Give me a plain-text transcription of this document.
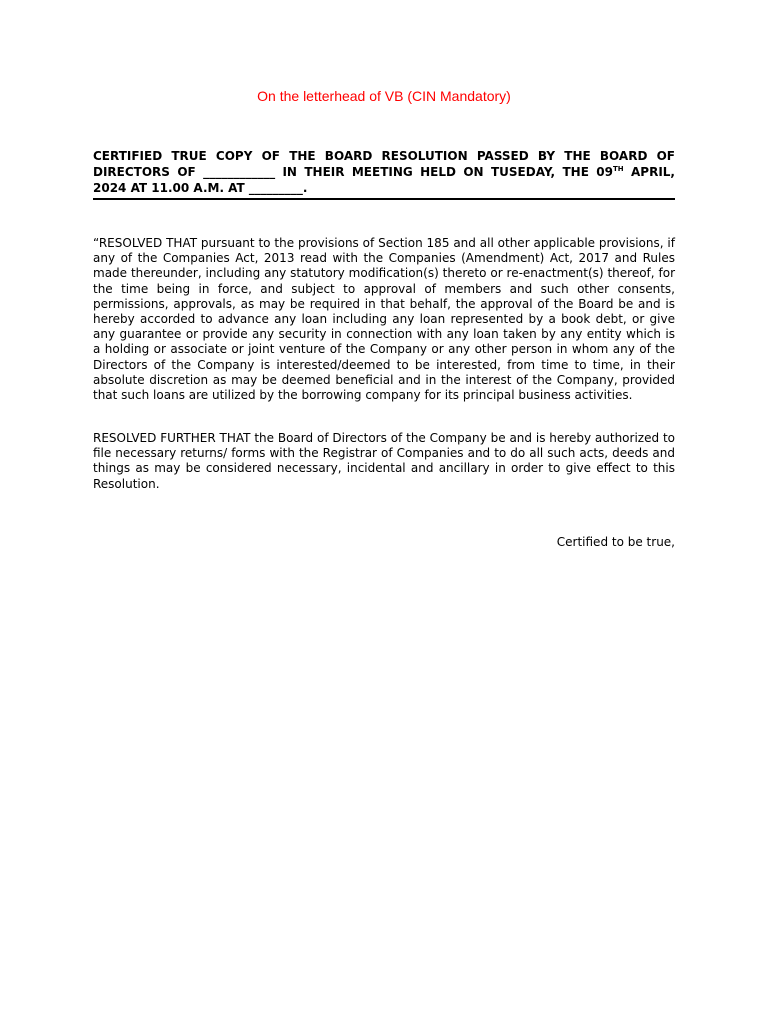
On the letterhead of VB (CIN Mandatory)
CERTIFIED TRUE COPY OF THE BOARD RESOLUTION PASSED BY THE BOARD OF DIRECTORS OF ____________ IN THEIR MEETING HELD ON TUSEDAY, THE 09TH APRIL, 2024 AT 11.00 A.M. AT _________.

“RESOLVED THAT pursuant to the provisions of Section 185 and all other applicable provisions, if any of the Companies Act, 2013 read with the Companies (Amendment) Act, 2017 and Rules made thereunder, including any statutory modification(s) thereto or re-enactment(s) thereof, for the time being in force, and subject to approval of members and such other consents, permissions, approvals, as may be required in that behalf, the approval of the Board be and is hereby accorded to advance any loan including any loan represented by a book debt, or give any guarantee or provide any security in connection with any loan taken by any entity which is a holding or associate or joint venture of the Company or any other person in whom any of the Directors of the Company is interested/deemed to be interested, from time to time, in their absolute discretion as may be deemed beneficial and in the interest of the Company, provided that such loans are utilized by the borrowing company for its principal business activities.

RESOLVED FURTHER THAT the Board of Directors of the Company be and is hereby authorized to file necessary returns/ forms with the Registrar of Companies and to do all such acts, deeds and things as may be considered necessary, incidental and ancillary in order to give effect to this Resolution.

Certified to be true,
